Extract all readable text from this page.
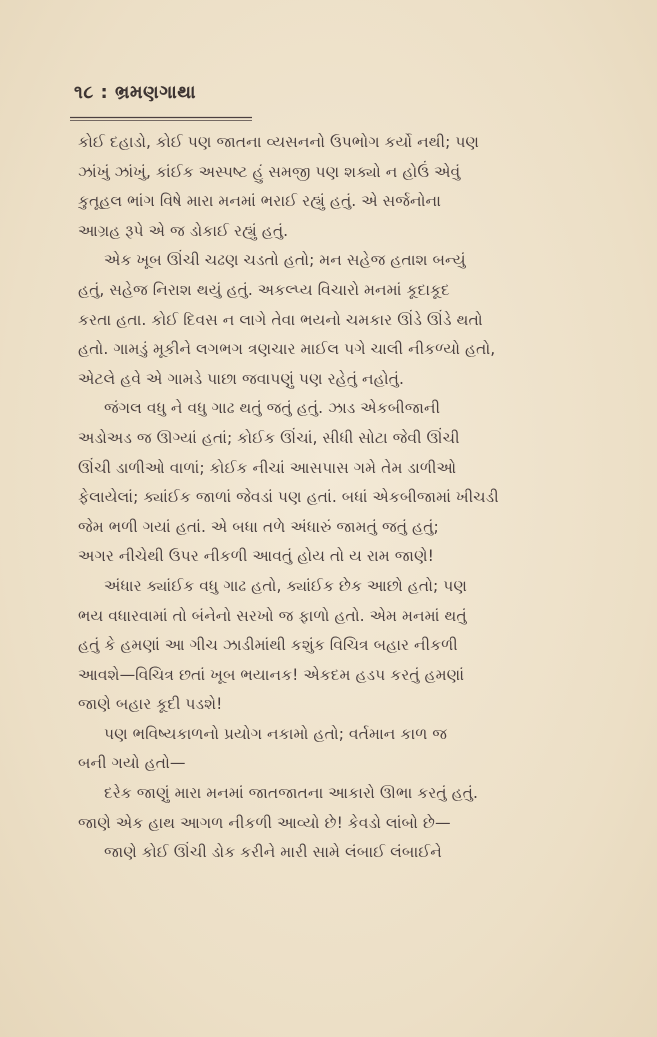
૧૮ : ભ્રમણગાથા
કોઈ દહાડો, કોઈ પણ જાતના વ્યસનનો ઉપભોગ કર્યો નથી; પણ
ઝાંખું ઝાંખું, કાંઈક અસ્પષ્ટ હું સમજી પણ શક્યો ન હોઉં એવું
કુતૂહલ ભાંગ વિષે મારા મનમાં ભરાઈ રહ્યું હતું. એ સર્જનોના
આગ્રહ રૂપે એ જ ડોકાઈ રહ્યું હતું.
એક ખૂબ ઊંચી ચઢણ ચડતો હતો; મન સહેજ હતાશ બન્યું
હતું, સહેજ નિરાશ થયું હતું. અકલ્પ્ય વિચારો મનમાં કૂદાકૂદ
કરતા હતા. કોઈ દિવસ ન લાગે તેવા ભયનો ચમકાર ઊંડે ઊંડે થતો
હતો. ગામડું મૂકીને લગભગ ત્રણચાર માઈલ પગે ચાલી નીકળ્યો હતો,
એટલે હવે એ ગામડે પાછા જવાપણું પણ રહેતું નહોતું.
જંગલ વધુ ને વધુ ગાઢ થતું જતું હતું. ઝાડ એકબીજાની
અડોઅડ જ ઊગ્યાં હતાં; કોઈક ઊંચાં, સીધી સોટા જેવી ઊંચી
ઊંચી ડાળીઓ વાળાં; કોઈક નીચાં આસપાસ ગમે તેમ ડાળીઓ
ફેલાયેલાં; ક્યાંઈક જાળાં જેવડાં પણ હતાં. બધાં એકબીજામાં ખીચડી
જેમ ભળી ગયાં હતાં. એ બધા તળે અંધારું જામતું જતું હતું;
અગર નીચેથી ઉપર નીકળી આવતું હોય તો ય રામ જાણે!
અંધાર ક્યાંઈક વધુ ગાઢ હતો, ક્યાંઈક છેક આછો હતો; પણ
ભય વધારવામાં તો બંનેનો સરખો જ ફાળો હતો. એમ મનમાં થતું
હતું કે હમણાં આ ગીચ ઝાડીમાંથી કશુંક વિચિત્ર બહાર નીકળી
આવશે—વિચિત્ર છતાં ખૂબ ભયાનક! એકદમ હડપ કરતું હમણાં
જાણે બહાર કૂદી પડશે!
પણ ભવિષ્યકાળનો પ્રયોગ નકામો હતો; વર્તમાન કાળ જ
બની ગયો હતો—
દરેક જાણું મારા મનમાં જાતજાતના આકારો ઊભા કરતું હતું.
જાણે એક હાથ આગળ નીકળી આવ્યો છે! કેવડો લાંબો છે—
જાણે કોઈ ઊંચી ડોક કરીને મારી સામે લંબાઈ લંબાઈને
